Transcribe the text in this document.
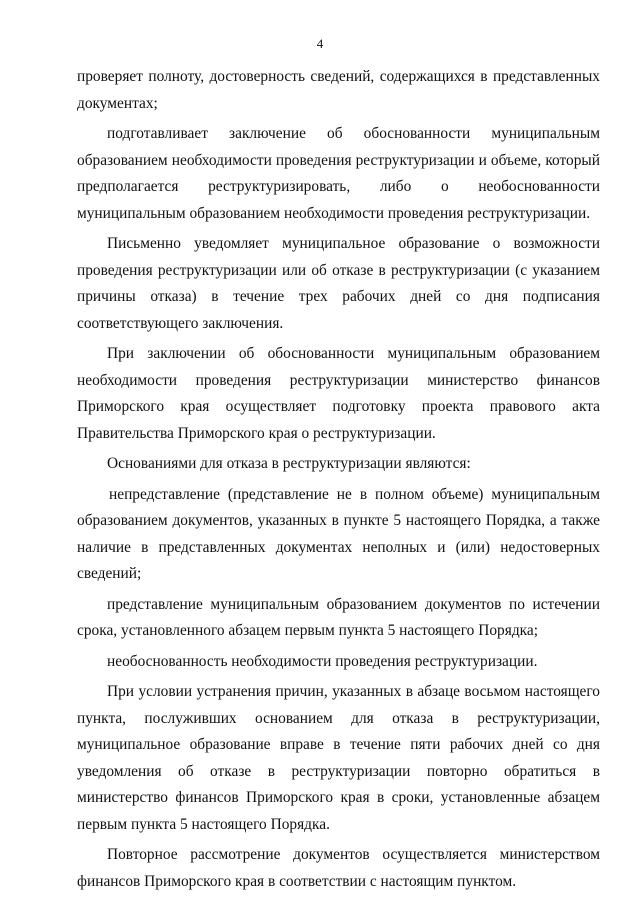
4

проверяет полноту, достоверность сведений, содержащихся в представленных документах;

подготавливает заключение об обоснованности муниципальным образованием необходимости проведения реструктуризации и объеме, который предполагается реструктуризировать, либо о необоснованности муниципальным образованием необходимости проведения реструктуризации.

Письменно уведомляет муниципальное образование о возможности проведения реструктуризации или об отказе в реструктуризации (с указанием причины отказа) в течение трех рабочих дней со дня подписания соответствующего заключения.

При заключении об обоснованности муниципальным образованием необходимости проведения реструктуризации министерство финансов Приморского края осуществляет подготовку проекта правового акта Правительства Приморского края о реструктуризации.

Основаниями для отказа в реструктуризации являются:

непредставление (представление не в полном объеме) муниципальным образованием документов, указанных в пункте 5 настоящего Порядка, а также наличие в представленных документах неполных и (или) недостоверных сведений;

представление муниципальным образованием документов по истечении срока, установленного абзацем первым пункта 5 настоящего Порядка;

необоснованность необходимости проведения реструктуризации.

При условии устранения причин, указанных в абзаце восьмом настоящего пункта, послуживших основанием для отказа в реструктуризации, муниципальное образование вправе в течение пяти рабочих дней со дня уведомления об отказе в реструктуризации повторно обратиться в министерство финансов Приморского края в сроки, установленные абзацем первым пункта 5 настоящего Порядка.

Повторное рассмотрение документов осуществляется министерством финансов Приморского края в соответствии с настоящим пунктом.
